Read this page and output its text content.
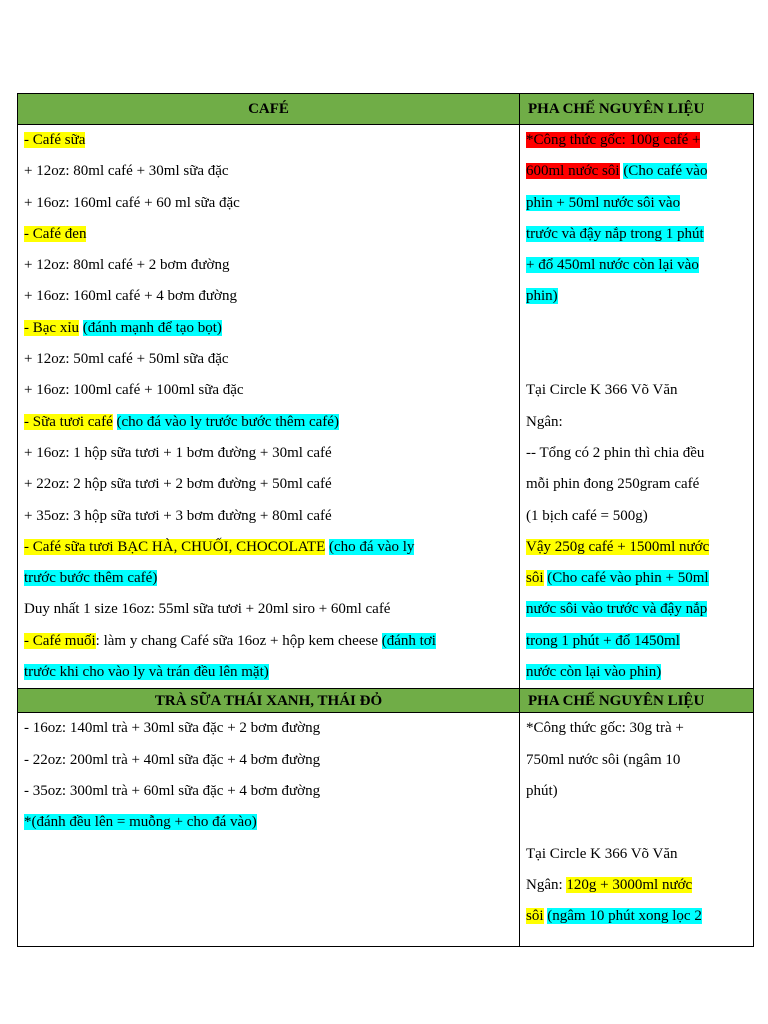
CAFÉ
- Café sữa
+ 12oz: 80ml café + 30ml sữa đặc
+ 16oz: 160ml café + 60 ml sữa đặc
- Café đen
+ 12oz: 80ml café + 2 bơm đường
+ 16oz: 160ml café + 4 bơm đường
- Bạc xỉu (đánh mạnh để tạo bọt)
+ 12oz: 50ml café + 50ml sữa đặc
+ 16oz: 100ml café + 100ml sữa đặc
- Sữa tươi café (cho đá vào ly trước bước thêm café)
+ 16oz: 1 hộp sữa tươi + 1 bơm đường + 30ml café
+ 22oz: 2 hộp sữa tươi + 2 bơm đường + 50ml café
+ 35oz: 3 hộp sữa tươi + 3 bơm đường + 80ml café
- Café sữa tươi BẠC HÀ, CHUỐI, CHOCOLATE (cho đá vào ly
trước bước thêm café)
Duy nhất 1 size 16oz: 55ml sữa tươi + 20ml siro + 60ml café
- Café muối: làm y chang Café sữa 16oz + hộp kem cheese (đánh tơi
trước khi cho vào ly và trán đều lên mặt)
PHA CHẾ NGUYÊN LIỆU
*Công thức gốc: 100g café +
600ml nước sôi (Cho café vào
phin + 50ml nước sôi vào
trước và đậy nắp trong 1 phút
+ đổ 450ml nước còn lại vào
phin)
Tại Circle K 366 Võ Văn
Ngân:
-- Tổng có 2 phin thì chia đều
mỗi phin đong 250gram café
(1 bịch café = 500g)
Vậy 250g café + 1500ml nước
sôi (Cho café vào phin + 50ml
nước sôi vào trước và đậy nắp
trong 1 phút + đổ 1450ml
nước còn lại vào phin)
TRÀ SỮA THÁI XANH, THÁI ĐỎ
- 16oz: 140ml trà + 30ml sữa đặc + 2 bơm đường
- 22oz: 200ml trà + 40ml sữa đặc + 4 bơm đường
- 35oz: 300ml trà + 60ml sữa đặc + 4 bơm đường
*(đánh đều lên = muỗng + cho đá vào)
PHA CHẾ NGUYÊN LIỆU
*Công thức gốc: 30g trà +
750ml nước sôi (ngâm 10
phút)
Tại Circle K 366 Võ Văn
Ngân: 120g + 3000ml nước
sôi (ngâm 10 phút xong lọc 2
